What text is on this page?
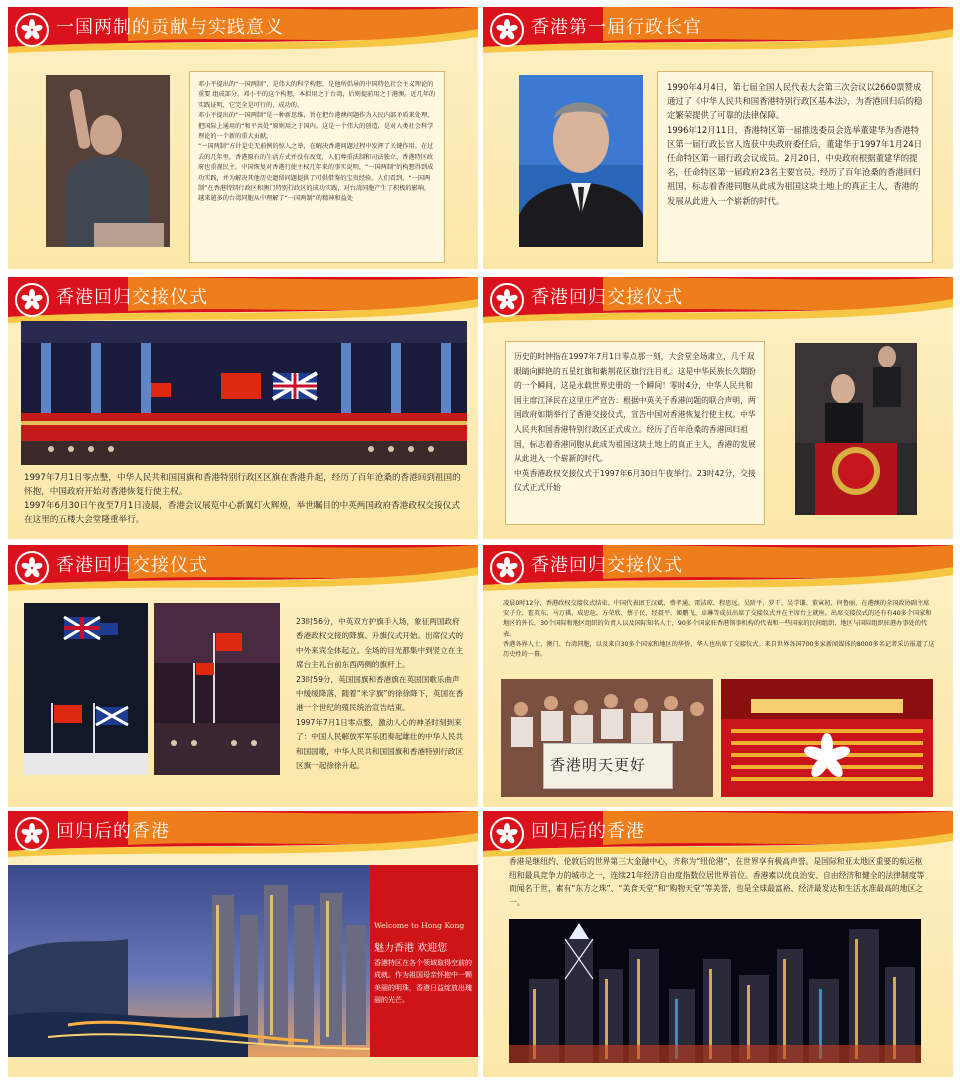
一国两制的贡献与实践意义

邓小平提出的“一国两制”，是伟大的科学构想，是他所倡导的中国特色社会主义理论的重要 组成部分。邓小平的这个构想，本拟用之于台湾，后则提前用之于港澳。近几年的实践证明，它完全是可行的，成功的。

邓小平提出的“一国两制”是一种新思维，旨在把台港澳问题作为人民内部矛盾来处理，把国际上通用的“和平共处”原则用之于国内。这是一个伟大的创造，是对人类社会科学理论的一个新的重大贡献。

“一国两制”方针是史无前例的惊人之举，在解决香港问题过程中发挥了关键作用。在过去的几年里，香港原有的生活方式并没有改变，人们尊重法制和司法独立，香港特区政府也重视民主。中国恢复对香港行使主权几年来的事实说明，“一国两制”的构想得到成功实践，并为解决其他历史遗留问题提供了可供借鉴的宝贵经验。人们看到，“一国两制”在香港特别行政区和澳门特别行政区的成功实践，对台湾同胞产生了积极的影响，越来越多的台湾同胞从中理解了“一国两制”的精神和益处

香港第一届行政长官

1990年4月4日，第七届全国人民代表大会第三次会议以2660票赞成通过了《中华人民共和国香港特别行政区基本法》，为香港回归后的稳定繁荣提供了可靠的法律保障。

1996年12月11日，香港特区第一届推选委员会选举董建华为香港特区第一届行政长官人选获中央政府委任后，董建华于1997年1月24日任命特区第一届行政会议成员。2月20日，中央政府根据董建华的提名，任命特区第一届政府23名主要官员。经历了百年沧桑的香港回归祖国，标志着香港同胞从此成为祖国这块土地上的真正主人，香港的发展从此进入一个崭新的时代。

香港回归交接仪式

1997年7月1日零点整，中华人民共和国国旗和香港特别行政区区旗在香港升起，经历了百年沧桑的香港回到祖国的怀抱，中国政府开始对香港恢复行使主权。

1997年6月30日午夜至7月1日凌晨，香港会议展览中心新翼灯火辉煌，举世瞩目的中英两国政府香港政权交接仪式在这里的五楼大会堂隆重举行。

香港回归交接仪式

历史的时钟指在1997年7月1日零点那一刻，大会堂全场肃立，几千双眼睛向鲜艳的五星红旗和紫荆花区旗行注目礼。这是中华民族长久期盼的一个瞬间，这是永载世界史册的一个瞬间！零时4分，中华人民共和国主席江泽民在这里庄严宣告：根据中英关于香港问题的联合声明，两国政府如期举行了香港交接仪式，宣告中国对香港恢复行使主权。中华人民共和国香港特别行政区正式成立。经历了百年沧桑的香港回归祖国，标志着香港同胞从此成为祖国这块土地上的真正主人，香港的发展从此进入一个崭新的时代。

中英香港政权交接仪式于1997年6月30日午夜举行。23时42分，交接仪式正式开始

香港回归交接仪式

23时56分，中英双方护旗手入场，象征两国政府香港政权交接的降旗、升旗仪式开始。出席仪式的中外来宾全体起立。全场的目光都集中到竖立在主席台主礼台前东西两侧的旗杆上。

23时59分，英国国旗和香港旗在英国国歌乐曲声中缓缓降落，随着“米字旗”的徐徐降下，英国在香港一个世纪的殖民统治宣告结束。

1997年7月1日零点整，激动人心的神圣时刻到来了：中国人民解放军军乐团奏起雄壮的中华人民共和国国歌，中华人民共和国国旗和香港特别行政区区旗一起徐徐升起。

香港回归交接仪式

凌晨0时12分，香港政权交接仪式结束。中国代表团王汉斌、费孝通、雷洁琼、程思远、吴阶平、罗干、吴学谦、董寅初、何鲁丽、在港澳的全国政协副主席安子介、霍英东、马万祺、成思危、方荣欣、蔡子民、经叔平、姬鹏飞、卓琳等成员出席了交接仪式并在主席台上就座。出席交接仪式的还有有40多个国家和地区的外长，30个国际和地区组织的负责人以及国际知名人士，90多个国家驻香港领事机构的代表和一些国家的民间组织、地区与国际组织驻港办事处的代表。

香港各界人士，澳门、台湾同胞，以及来自30多个国家和地区的华侨、华人也出席了交接仪式。来自世界各国700多家新闻媒体的8000多名记者采访报道了这历史性的一幕。

香港明天更好
回归后的香港
Welcome to Hong Kong
魅力香港 欢迎您
香港特区在各个领域取得空前的成就。作为祖国母亲怀抱中一颗美丽的明珠，香港日益绽放出瑰丽的光芒。
回归后的香港

香港是继纽约、伦敦后的世界第三大金融中心，齐称为“纽伦港”，在世界享有极高声誉。是国际和亚太地区重要的航运枢纽和最具竞争力的城市之一，连续21年经济自由度指数位居世界首位。香港素以优良治安、自由经济和健全的法律制度等而闻名于世，素有“东方之珠”、“美食天堂”和“购物天堂”等美誉，也是全球最富裕、经济最发达和生活水准最高的地区之一。
